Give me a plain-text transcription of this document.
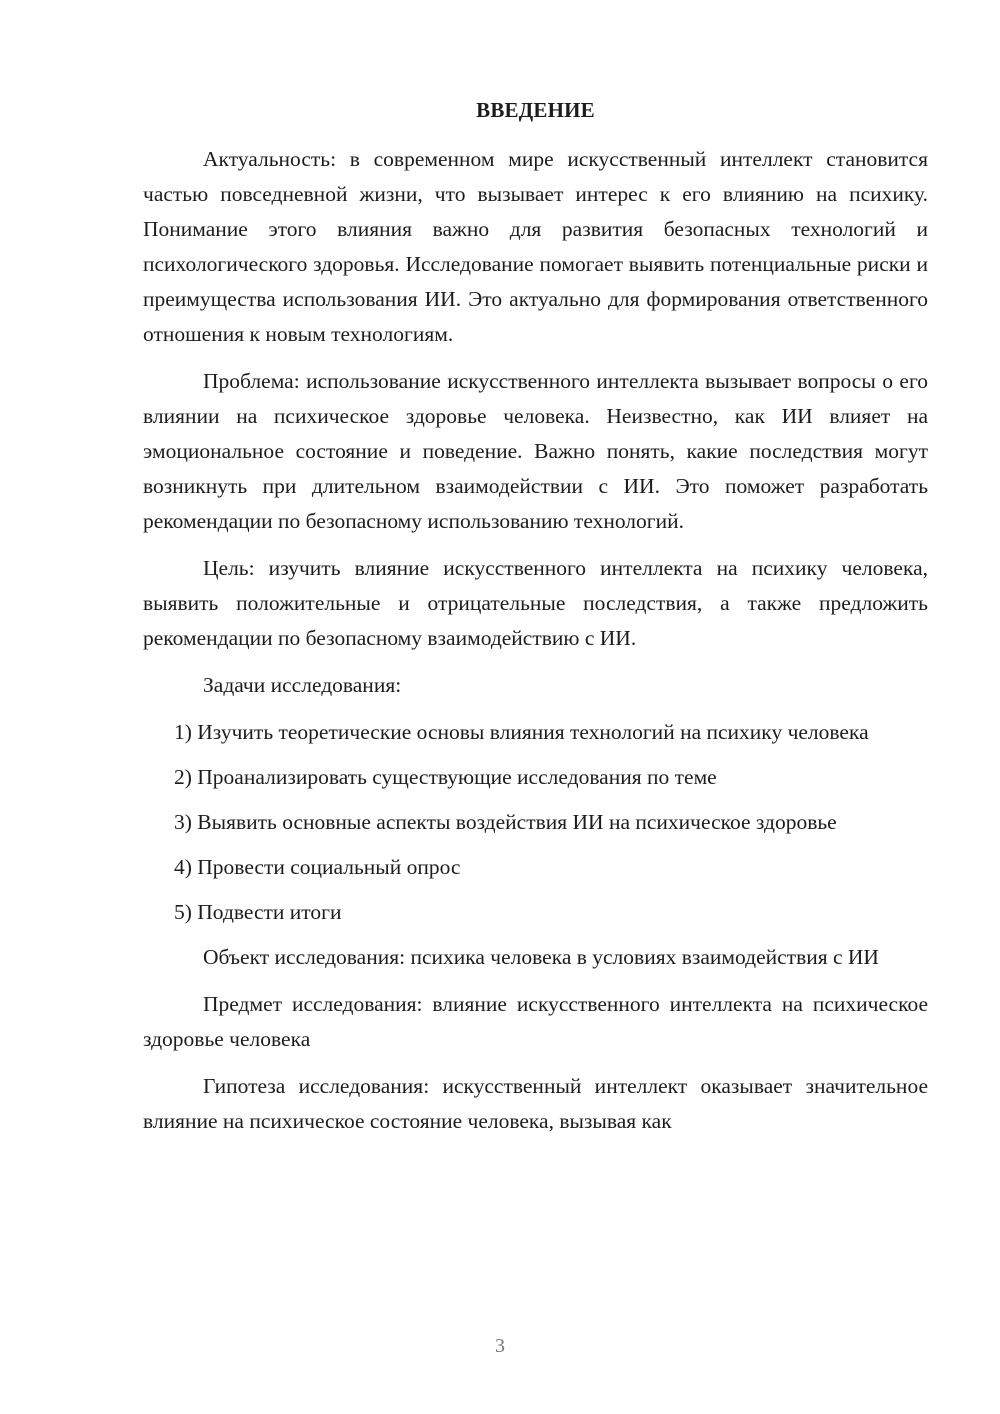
ВВЕДЕНИЕ

Актуальность: в современном мире искусственный интеллект становится частью повседневной жизни, что вызывает интерес к его влиянию на психику. Понимание этого влияния важно для развития безопасных технологий и психологического здоровья. Исследование помогает выявить потенциальные риски и преимущества использования ИИ. Это актуально для формирования ответственного отношения к новым технологиям.

Проблема: использование искусственного интеллекта вызывает вопросы о его влиянии на психическое здоровье человека. Неизвестно, как ИИ влияет на эмоциональное состояние и поведение. Важно понять, какие последствия могут возникнуть при длительном взаимодействии с ИИ. Это поможет разработать рекомендации по безопасному использованию технологий.

Цель: изучить влияние искусственного интеллекта на психику человека, выявить положительные и отрицательные последствия, а также предложить рекомендации по безопасному взаимодействию с ИИ.

Задачи исследования:

1) Изучить теоретические основы влияния технологий на психику человека

2) Проанализировать существующие исследования по теме

3) Выявить основные аспекты воздействия ИИ на психическое здоровье

4) Провести социальный опрос

5) Подвести итоги

Объект исследования: психика человека в условиях взаимодействия с ИИ

Предмет исследования: влияние искусственного интеллекта на психическое здоровье человека

Гипотеза исследования: искусственный интеллект оказывает значительное влияние на психическое состояние человека, вызывая как

3
